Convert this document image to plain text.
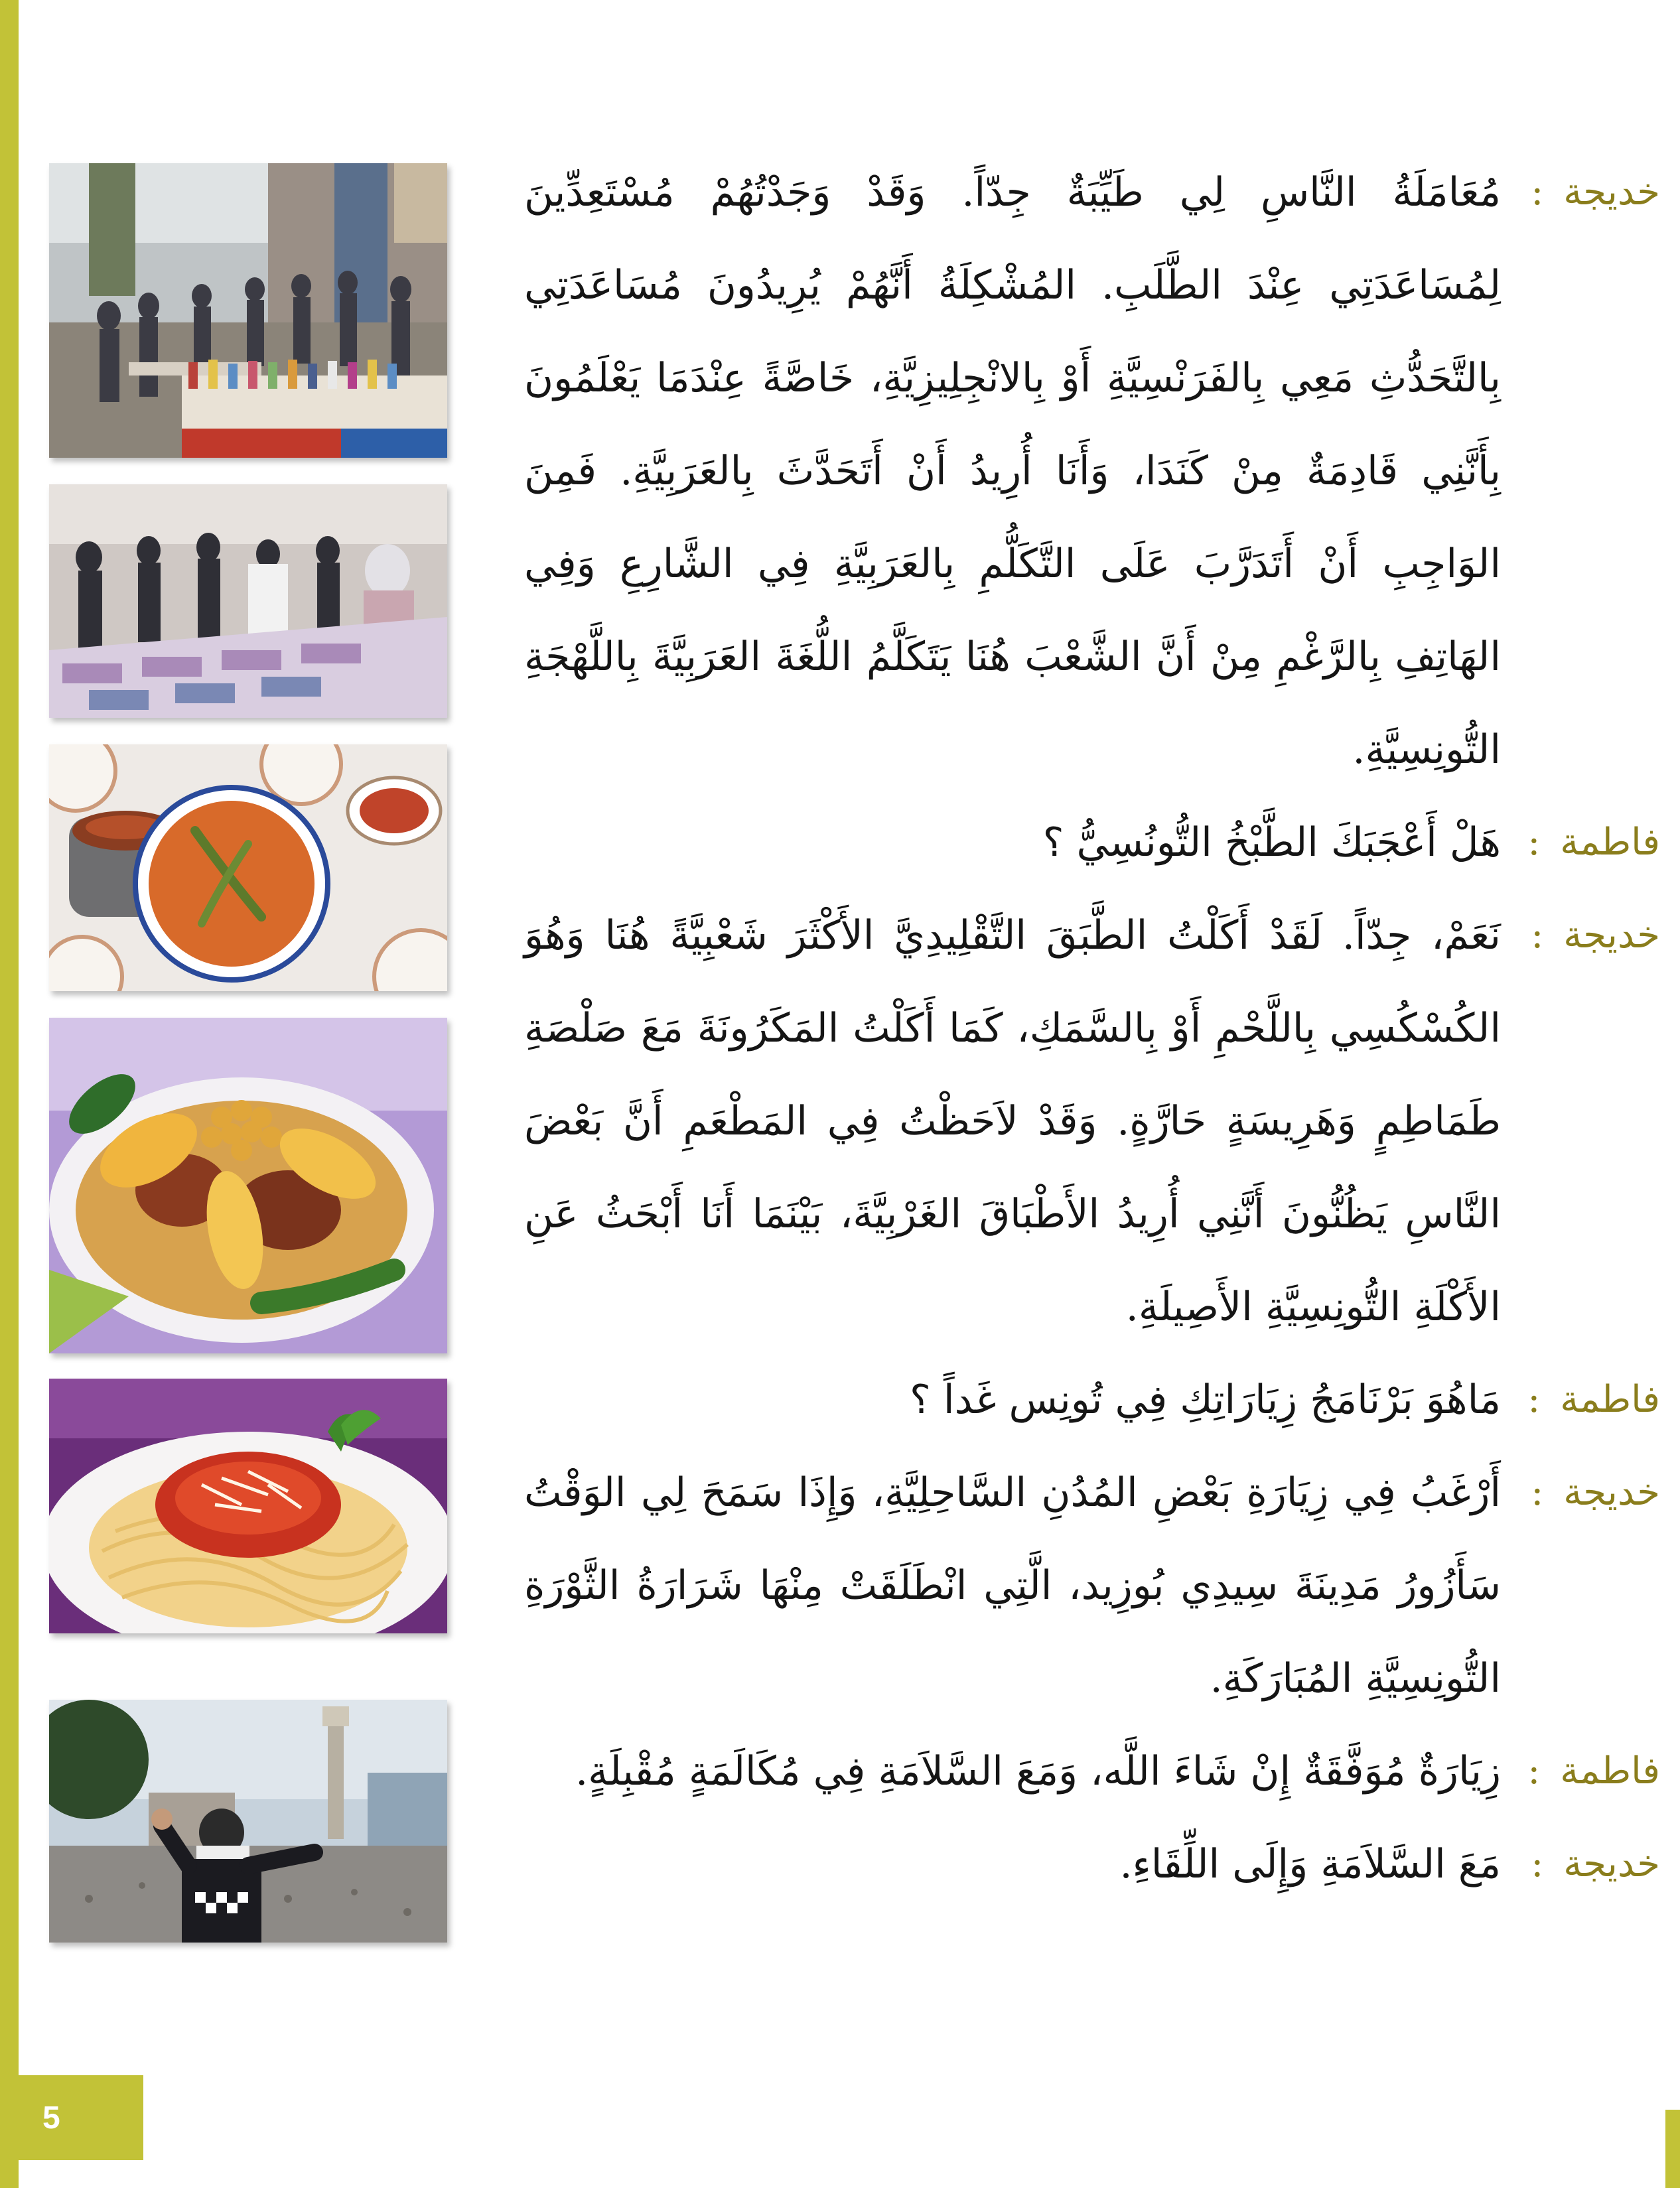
خديجة
:
مُعَامَلَةُ النَّاسِ لِي طَيِّبَةٌ جِدّاً. وَقَدْ وَجَدْتُهُمْ مُسْتَعِدِّينَ لِمُسَاعَدَتِي عِنْدَ الطَّلَبِ. المُشْكِلَةُ أَنَّهُمْ يُرِيدُونَ مُسَاعَدَتِي بِالتَّحَدُّثِ مَعِي بِالفَرَنْسِيَّةِ أَوْ بِالانْجِلِيزِيَّةِ، خَاصَّةً عِنْدَمَا يَعْلَمُونَ بِأَنَّنِي قَادِمَةٌ مِنْ كَنَدَا، وَأَنَا أُرِيدُ أَنْ أَتَحَدَّثَ بِالعَرَبِيَّةِ. فَمِنَ الوَاجِبِ أَنْ أَتَدَرَّبَ عَلَى التَّكَلُّمِ بِالعَرَبِيَّةِ فِي الشَّارِعِ وَفِي الهَاتِفِ بِالرَّغْمِ مِنْ أَنَّ الشَّعْبَ هُنَا يَتَكَلَّمُ اللُّغَةَ العَرَبِيَّةَ بِاللَّهْجَةِ التُّونِسِيَّةِ.
فاطمة
:
هَلْ أَعْجَبَكَ الطَّبْخُ التُّونُسِيُّ ؟
خديجة
:
نَعَمْ، جِدّاً. لَقَدْ أَكَلْتُ الطَّبَقَ التَّقْلِيدِيَّ الأَكْثَرَ شَعْبِيَّةً هُنَا وَهُوَ الكُسْكُسِي بِاللَّحْمِ أَوْ بِالسَّمَكِ، كَمَا أَكَلْتُ المَكَرُونَةَ مَعَ صَلْصَةِ طَمَاطِمٍ وَهَرِيسَةٍ حَارَّةٍ. وَقَدْ لاَحَظْتُ فِي المَطْعَمِ أَنَّ بَعْضَ النَّاسِ يَظُنُّونَ أَنَّنِي أُرِيدُ الأَطْبَاقَ الغَرْبِيَّةَ، بَيْنَمَا أَنَا أَبْحَثُ عَنِ الأَكْلَةِ التُّونِسِيَّةِ الأَصِيلَةِ.
فاطمة
:
مَاهُوَ بَرْنَامَجُ زِيَارَاتِكِ فِي تُونِس غَداً ؟
خديجة
:
أَرْغَبُ فِي زِيَارَةِ بَعْضِ المُدُنِ السَّاحِلِيَّةِ، وَإِذَا سَمَحَ لِي الوَقْتُ سَأَزُورُ مَدِينَةَ سِيدِي بُوزِيد، الَّتِي انْطَلَقَتْ مِنْهَا شَرَارَةُ الثَّوْرَةِ التُّونِسِيَّةِ المُبَارَكَةِ.
فاطمة
:
زِيَارَةٌ مُوَفَّقَةٌ إِنْ شَاءَ اللَّه، وَمَعَ السَّلاَمَةِ فِي مُكَالَمَةٍ مُقْبِلَةٍ.
خديجة
:
مَعَ السَّلاَمَةِ وَإِلَى اللِّقَاءِ.
5
